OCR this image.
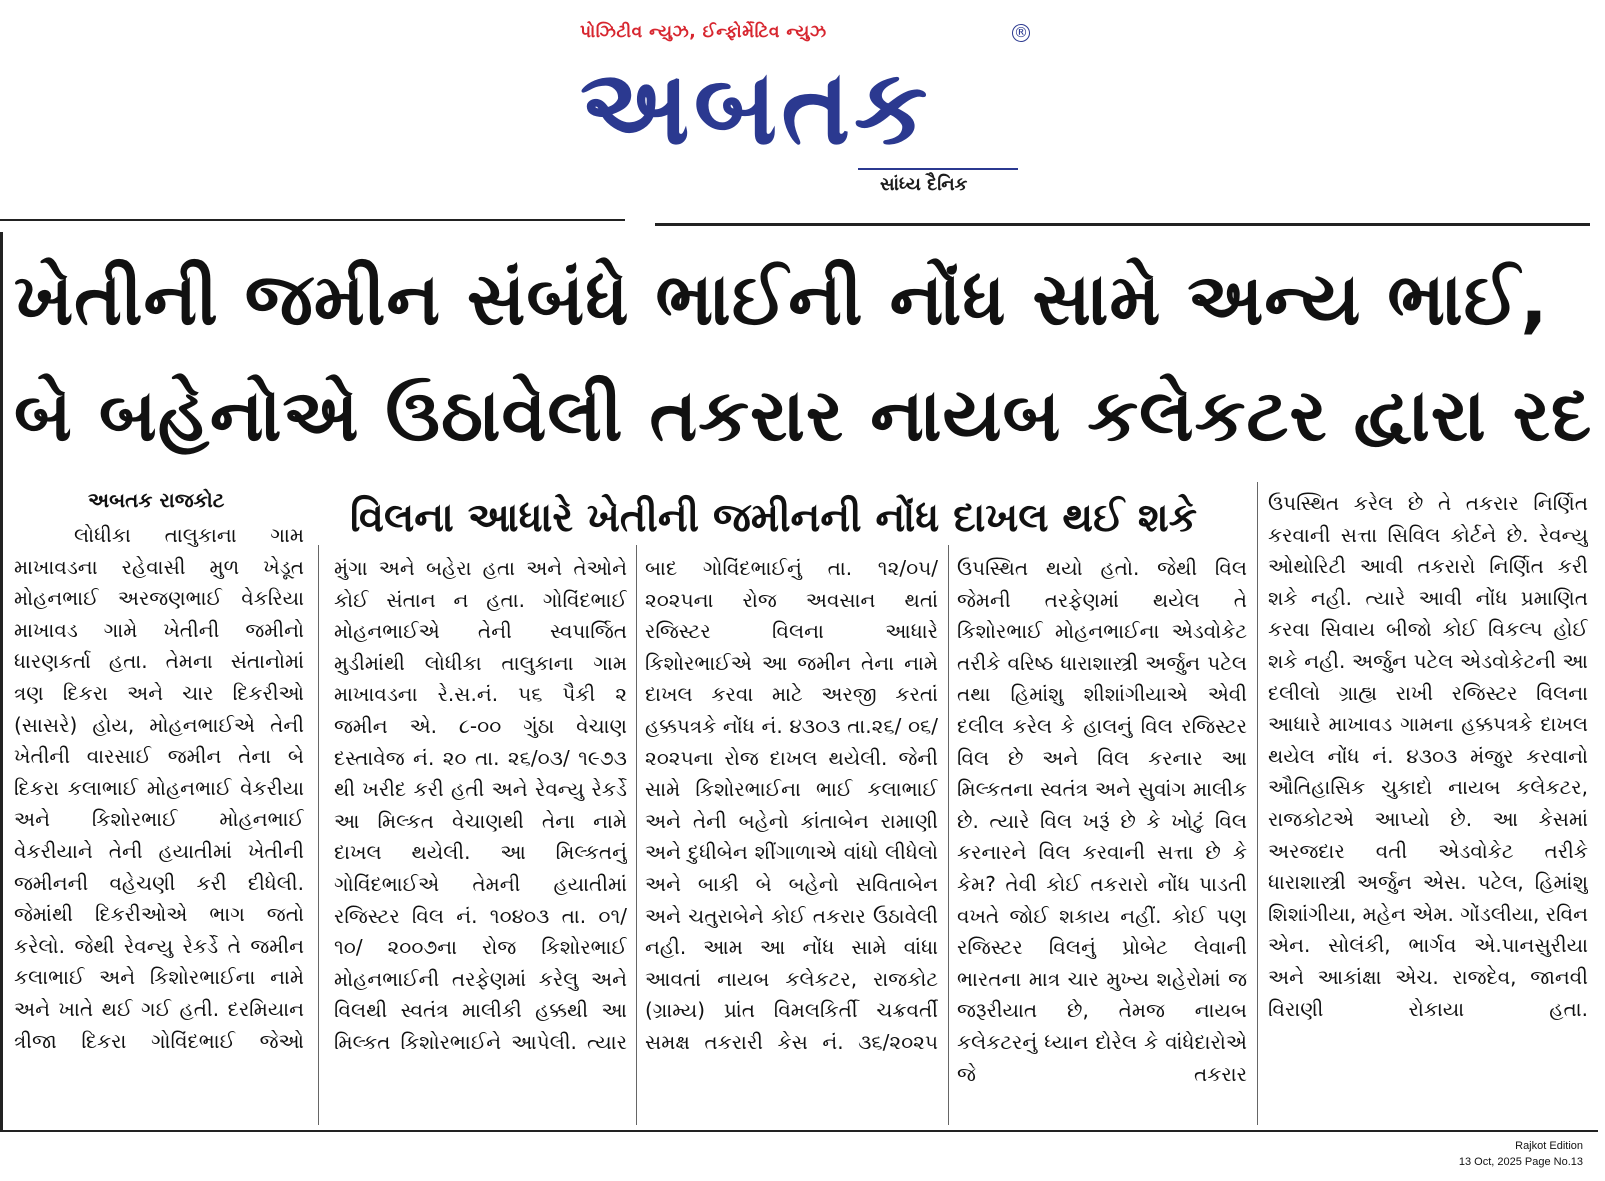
પોઝિટીવ ન્યુઝ, ઈન્ફોર્મેટિવ ન્યુઝ
અબતક
®
સાંધ્ય દૈનિક
ખેતીની જમીન સંબંધે ભાઈની નોંધ સામે અન્ય ભાઈ,
બે બહેનોએ ઉઠાવેલી તકરાર નાયબ કલેકટર દ્વારા રદ
અબતક રાજકોટ	વિલના આધારે ખેતીની જમીનની નોંધ દાખલ થઈ શકે

લોધીકા તાલુકાના ગામ માખાવડના રહેવાસી મુળ ખેડૂત મોહનભાઈ અરજણભાઈ વેકરિયા માખાવડ ગામે ખેતીની જમીનો ધારણકર્તા હતા. તેમના સંતાનોમાં ત્રણ દિકરા અને ચાર દિકરીઓ (સાસરે) હોય, મોહનભાઈએ તેની ખેતીની વારસાઈ જમીન તેના બે દિકરા કલાભાઈ મોહનભાઈ વેકરીયા અને કિશોરભાઈ મોહનભાઈ વેકરીયાને તેની હયાતીમાં ખેતીની જમીનની વહેચણી કરી દીધેલી. જેમાંથી દિકરીઓએ ભાગ જતો કરેલો. જેથી રેવન્યુ રેકર્ડે તે જમીન કલાભાઈ અને કિશોરભાઈના નામે અને ખાતે થઈ ગઈ હતી. દરમિયાન ત્રીજા દિકરા ગોવિંદભાઈ જેઓ

મુંગા અને બહેરા હતા અને તેઓને કોઈ સંતાન ન હતા. ગોવિંદભાઈ મોહનભાઈએ તેની સ્વપાર્જિત મુડીમાંથી લોધીકા તાલુકાના ગામ માખાવડના રે.સ.નં. ૫૬ પૈકી ૨ જમીન એ. ૮-૦૦ ગુંઠા વેચાણ દસ્તાવેજ નં. ૨૦ તા. ૨૬/૦૩/ ૧૯૭૩ થી ખરીદ કરી હતી અને રેવન્યુ રેકર્ડે આ મિલ્કત વેચાણથી તેના નામે દાખલ થયેલી. આ મિલ્કતનું ગોવિંદભાઈએ તેમની હયાતીમાં રજિસ્ટર વિલ નં. ૧૦૪૦૩ તા. ૦૧/ ૧૦/ ૨૦૦૭ના રોજ કિશોરભાઈ મોહનભાઈની તરફેણમાં કરેલુ અને વિલથી સ્વતંત્ર માલીકી હક્કથી આ મિલ્કત કિશોરભાઈને આપેલી. ત્યાર

બાદ ગોવિંદભાઈનું તા. ૧૨/૦૫/ ૨૦૨૫ના રોજ અવસાન થતાં રજિસ્ટર વિલના આધારે કિશોરભાઈએ આ જમીન તેના નામે દાખલ કરવા માટે અરજી કરતાં હક્કપત્રકે નોંધ નં. ૪૩૦૩ તા.૨૬/ ૦૬/ ૨૦૨૫ના રોજ દાખલ થયેલી. જેની સામે કિશોરભાઈના ભાઈ કલાભાઈ અને તેની બહેનો કાંતાબેન રામાણી અને દુધીબેન શીંગાળાએ વાંધો લીધેલો અને બાકી બે બહેનો સવિતાબેન અને ચતુરાબેને કોઈ તકરાર ઉઠાવેલી નહી. આમ આ નોંધ સામે વાંધા આવતાં નાયબ કલેકટર, રાજકોટ (ગ્રામ્ય) પ્રાંત વિમલકિર્તી ચક્રવર્તી સમક્ષ તકરારી કેસ નં. ૩૬/૨૦૨૫

ઉપસ્થિત થયો હતો. જેથી વિલ જેમની તરફેણમાં થયેલ તે કિશોરભાઈ મોહનભાઈના એડવોકેટ તરીકે વરિષ્ઠ ધારાશાસ્ત્રી અર્જુન પટેલ તથા હિમાંશુ શીશાંગીયાએ એવી દલીલ કરેલ કે હાલનું વિલ રજિસ્ટર વિલ છે અને વિલ કરનાર આ મિલ્કતના સ્વતંત્ર અને સુવાંગ માલીક છે. ત્યારે વિલ ખરૂં છે કે ખોટું વિલ કરનારને વિલ કરવાની સત્તા છે કે કેમ? તેવી કોઈ તકરારો નોંધ પાડતી વખતે જોઈ શકાય નહીં. કોઈ પણ રજિસ્ટર વિલનું પ્રોબેટ લેવાની ભારતના માત્ર ચાર મુખ્ય શહેરોમાં જ જરૂરીયાત છે, તેમજ નાયબ કલેકટરનું ધ્યાન દોરેલ કે વાંધેદારોએ જે તકરાર

ઉપસ્થિત કરેલ છે તે તકરાર નિર્ણિત કરવાની સત્તા સિવિલ કોર્ટને છે. રેવન્યુ ઓથોરિટી આવી તકરારો નિર્ણિત કરી શકે નહી. ત્યારે આવી નોંધ પ્રમાણિત કરવા સિવાય બીજો કોઈ વિકલ્પ હોઈ શકે નહી. અર્જુન પટેલ એડવોકેટની આ દલીલો ગ્રાહ્ય રાખી રજિસ્ટર વિલના આધારે માખાવડ ગામના હક્કપત્રકે દાખલ થયેલ નોંધ નં. ૪૩૦૩ મંજુર કરવાનો ઔતિહાસિક ચુકાદો નાયબ કલેકટર, રાજકોટએ આપ્યો છે. આ કેસમાં અરજદાર વતી એડવોકેટ તરીકે ધારાશાસ્ત્રી અર્જુન એસ. પટેલ, હિમાંશુ શિશાંગીયા, મહેન એમ. ગોંડલીયા, રવિન એન. સોલંકી, ભાર્ગવ એ.પાનસુરીયા અને આકાંક્ષા એચ. રાજદેવ, જાનવી વિરાણી રોકાયા હતા.

Rajkot Edition
13 Oct, 2025 Page No.13
